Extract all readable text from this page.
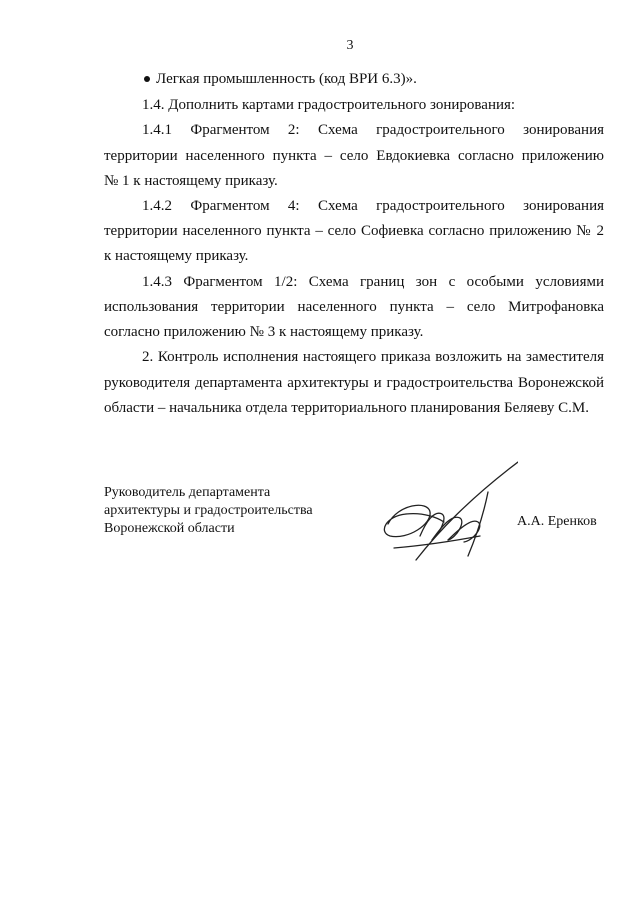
3
Легкая промышленность (код ВРИ 6.3)».
1.4. Дополнить картами градостроительного зонирования:
1.4.1 Фрагментом 2: Схема градостроительного зонирования
территории населенного пункта – село Евдокиевка согласно приложению
№ 1 к настоящему приказу.
1.4.2 Фрагментом 4: Схема градостроительного зонирования
территории населенного пункта – село Софиевка согласно приложению № 2
к настоящему приказу.
1.4.3 Фрагментом 1/2: Схема границ зон с особыми условиями
использования территории населенного пункта – село Митрофановка
согласно приложению № 3 к настоящему приказу.
2. Контроль исполнения настоящего приказа возложить на заместителя
руководителя департамента архитектуры и градостроительства Воронежской
области – начальника отдела территориального планирования Беляеву С.М.
Руководитель департамента
архитектуры и градостроительства
Воронежской области	А.А. Еренков
